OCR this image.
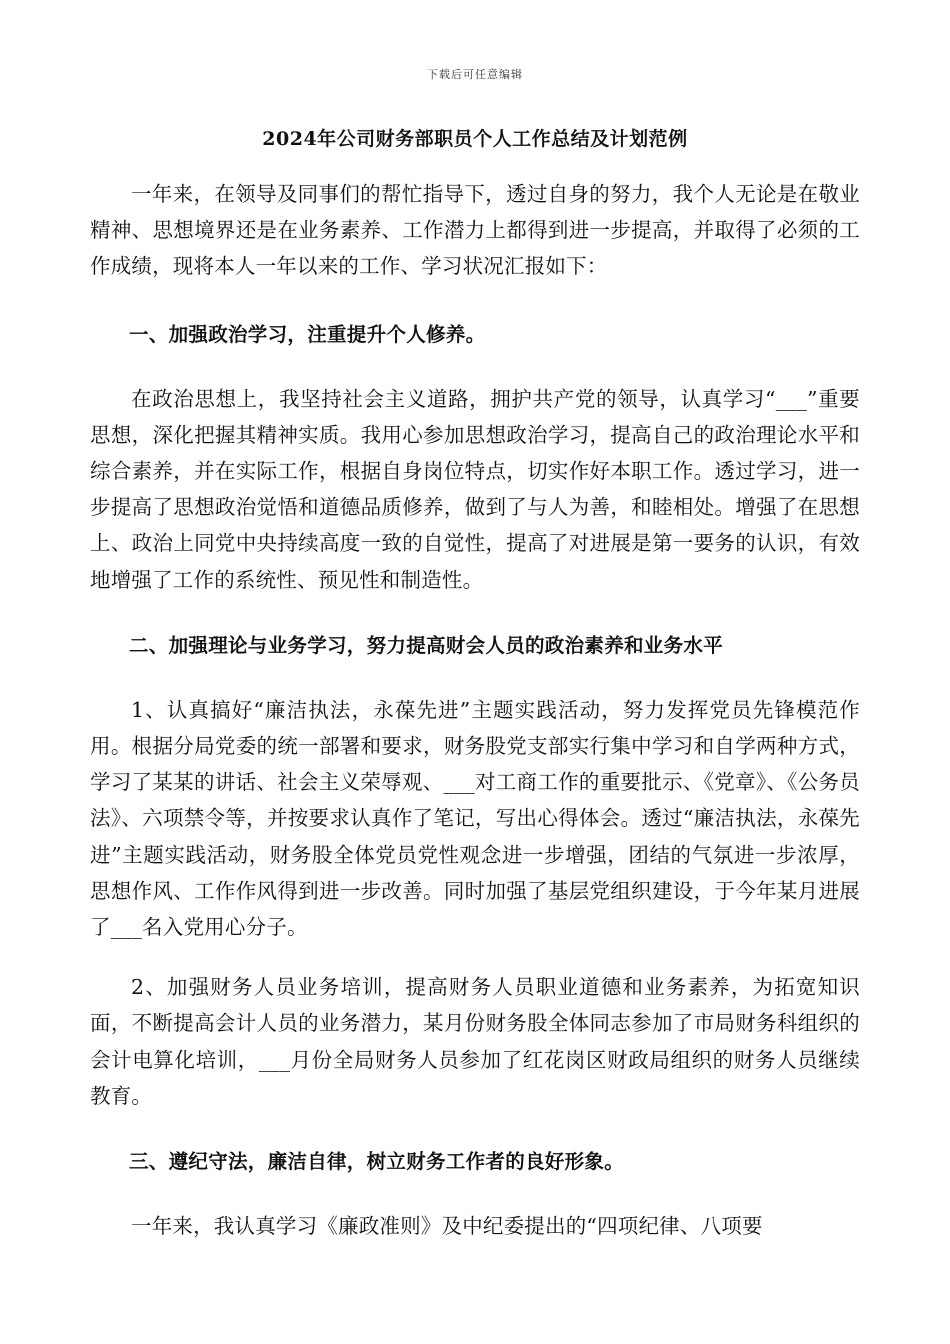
下载后可任意编辑
2024年公司财务部职员个人工作总结及计划范例

一年来，在领导及同事们的帮忙指导下，透过自身的努力，我个人无论是在敬业精神、思想境界还是在业务素养、工作潜力上都得到进一步提高，并取得了必须的工作成绩，现将本人一年以来的工作、学习状况汇报如下：

一、加强政治学习，注重提升个人修养。

在政治思想上，我坚持社会主义道路，拥护共产党的领导，认真学习“___”重要思想，深化把握其精神实质。我用心参加思想政治学习，提高自己的政治理论水平和综合素养，并在实际工作，根据自身岗位特点，切实作好本职工作。透过学习，进一步提高了思想政治觉悟和道德品质修养，做到了与人为善，和睦相处。增强了在思想上、政治上同党中央持续高度一致的自觉性，提高了对进展是第一要务的认识，有效地增强了工作的系统性、预见性和制造性。

二、加强理论与业务学习，努力提高财会人员的政治素养和业务水平

1、认真搞好“廉洁执法，永葆先进”主题实践活动，努力发挥党员先锋模范作用。根据分局党委的统一部署和要求，财务股党支部实行集中学习和自学两种方式，学习了某某的讲话、社会主义荣辱观、___对工商工作的重要批示、《党章》、《公务员法》、六项禁令等，并按要求认真作了笔记，写出心得体会。透过“廉洁执法，永葆先进”主题实践活动，财务股全体党员党性观念进一步增强，团结的气氛进一步浓厚，思想作风、工作作风得到进一步改善。同时加强了基层党组织建设，于今年某月进展了___名入党用心分子。

2、加强财务人员业务培训，提高财务人员职业道德和业务素养，为拓宽知识面，不断提高会计人员的业务潜力，某月份财务股全体同志参加了市局财务科组织的会计电算化培训，___月份全局财务人员参加了红花岗区财政局组织的财务人员继续教育。

三、遵纪守法，廉洁自律，树立财务工作者的良好形象。

一年来，我认真学习《廉政准则》及中纪委提出的“四项纪律、八项要
